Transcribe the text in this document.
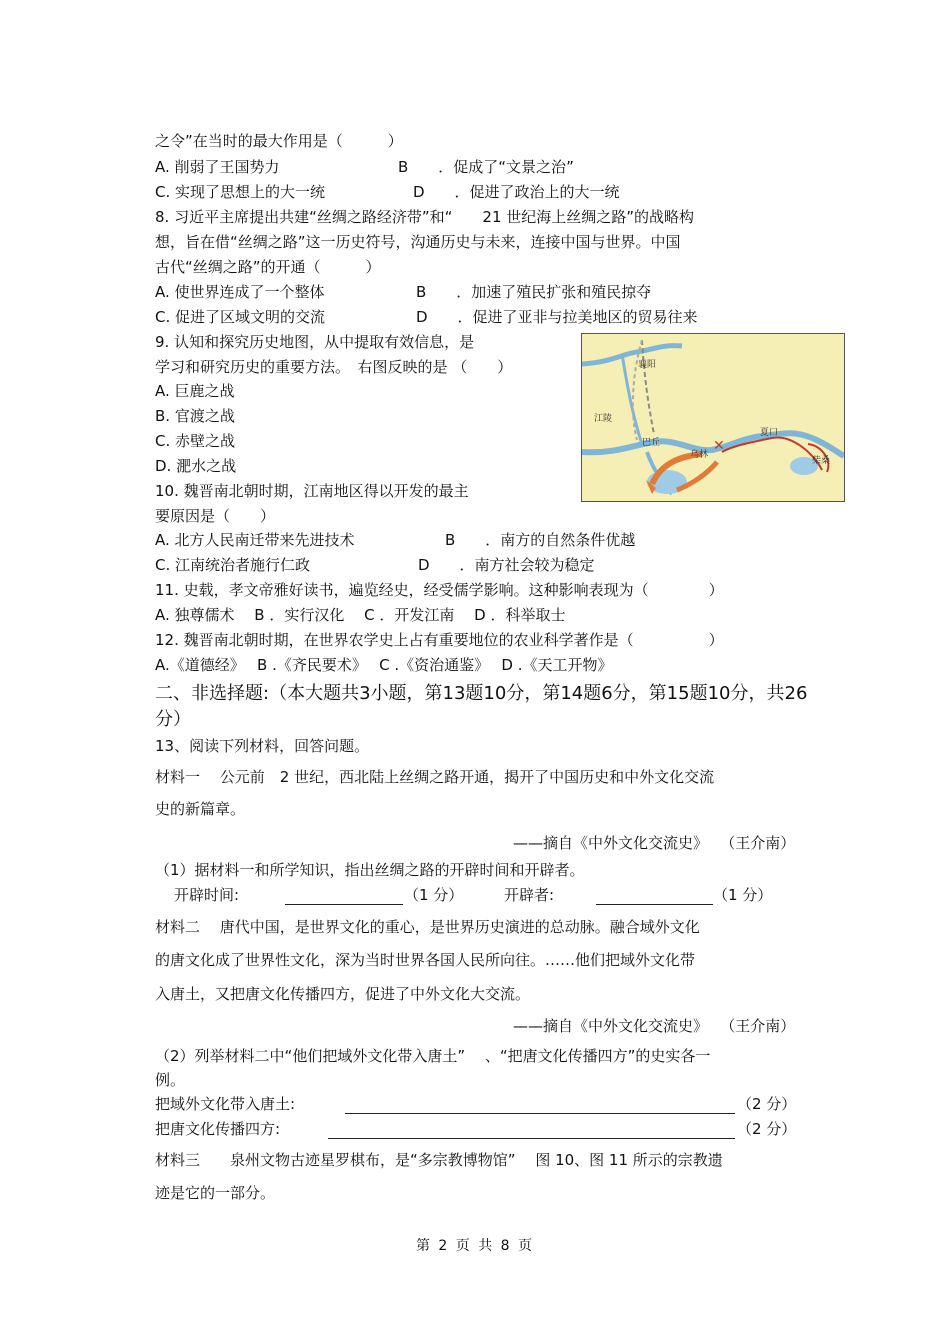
之令”在当时的最大作用是（　　　）
A. 削弱了王国势力	B　　．促成了“文景之治”
C. 实现了思想上的大一统	D　　．促进了政治上的大一统
8. 习近平主席提出共建“丝绸之路经济带”和“　　21 世纪海上丝绸之路”的战略构
想，旨在借“丝绸之路”这一历史符号，沟通历史与未来，连接中国与世界。中国
古代“丝绸之路”的开通（　　　）
A. 使世界连成了一个整体	B　　．加速了殖民扩张和殖民掠夺
C. 促进了区域文明的交流	D　　．促进了亚非与拉美地区的贸易往来
9. 认知和探究历史地图，从中提取有效信息，是
学习和研究历史的重要方法。　右图反映的是 （　　）
A. 巨鹿之战
B. 官渡之战
C. 赤壁之战
D. 淝水之战
✕
襄阳
江陵
乌林
夏口
柴桑
巴丘
10. 魏晋南北朝时期，江南地区得以开发的最主
要原因是（　　）
A. 北方人民南迁带来先进技术	B　　．南方的自然条件优越
C. 江南统治者施行仁政	D　　．南方社会较为稳定
11. 史载，孝文帝雅好读书，遍览经史，经受儒学影响。这种影响表现为（　　　　）
A. 独尊儒术　 B ．实行汉化　 C ．开发江南　 D ．科举取士
12. 魏晋南北朝时期，在世界农学史上占有重要地位的农业科学著作是（　　　　　）
A.《道德经》　 B .《齐民要术》　 C .《资治通鉴》　 D .《天工开物》
二、非选择题:（本大题共3小题，第13题10分，第14题6分，第15题10分，共26
分）
13、阅读下列材料，回答问题。
材料一　 公元前　2 世纪，西北陆上丝绸之路开通，揭开了中国历史和中外文化交流
史的新篇章。
——摘自《中外文化交流史》　 （王介南）
（1）据材料一和所学知识，指出丝绸之路的开辟时间和开辟者。
开辟时间:	（1 分）	开辟者:	（1 分）
材料二　 唐代中国，是世界文化的重心，是世界历史演进的总动脉。融合域外文化
的唐文化成了世界性文化，深为当时世界各国人民所向往。……他们把域外文化带
入唐土，又把唐文化传播四方，促进了中外文化大交流。
——摘自《中外文化交流史》　 （王介南）
（2）列举材料二中“他们把域外文化带入唐土”　 、“把唐文化传播四方”的史实各一
例。
把域外文化带入唐土:	（2 分）
把唐文化传播四方:	（2 分）
材料三　　泉州文物古迹星罗棋布，是“多宗教博物馆”　 图 10、图 11 所示的宗教遗
迹是它的一部分。
第 2 页 共 8 页
